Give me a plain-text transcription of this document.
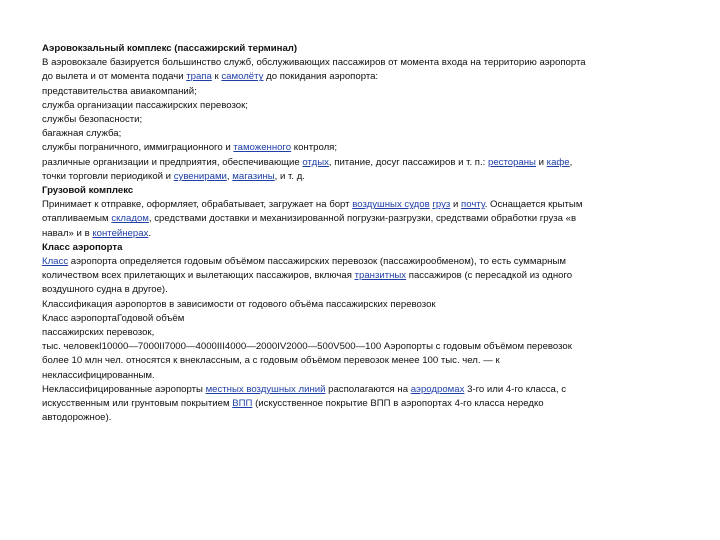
Аэровокзальный комплекс (пассажирский терминал)
В аэровокзале базируется большинство служб, обслуживающих пассажиров от момента входа на территорию аэропорта
до вылета и от момента подачи трапа к самолёту до покидания аэропорта:
представительства авиакомпаний;
служба организации пассажирских перевозок;
службы безопасности;
багажная служба;
службы пограничного, иммиграционного и таможенного контроля;
различные организации и предприятия, обеспечивающие отдых, питание, досуг пассажиров и т. п.: рестораны и кафе,
точки торговли периодикой и сувенирами, магазины, и т. д.
Грузовой комплекс
Принимает к отправке, оформляет, обрабатывает, загружает на борт воздушных судов груз и почту. Оснащается крытым
отапливаемым складом, средствами доставки и механизированной погрузки-разгрузки, средствами обработки груза «в
навал» и в контейнерах.
Класс аэропорта
Класс аэропорта определяется годовым объёмом пассажирских перевозок (пассажирообменом), то есть суммарным
количеством всех прилетающих и вылетающих пассажиров, включая транзитных пассажиров (с пересадкой из одного
воздушного судна в другое).
Классификация аэропортов в зависимости от годового объёма пассажирских перевозок
Класс аэропортаГодовой объём
пассажирских перевозок,
тыс. человекI10000—7000II7000—4000III4000—2000IV2000—500V500—100 Аэропорты с годовым объёмом перевозок
более 10 млн чел. относятся к внеклассным, а с годовым объёмом перевозок менее 100 тыс. чел. — к
неклассифицированным.
Неклассифицированные аэропорты местных воздушных линий располагаются на аэродромах 3-го или 4-го класса, с
искусственным или грунтовым покрытием ВПП (искусственное покрытие ВПП в аэропортах 4-го класса нередко
автодорожное).
